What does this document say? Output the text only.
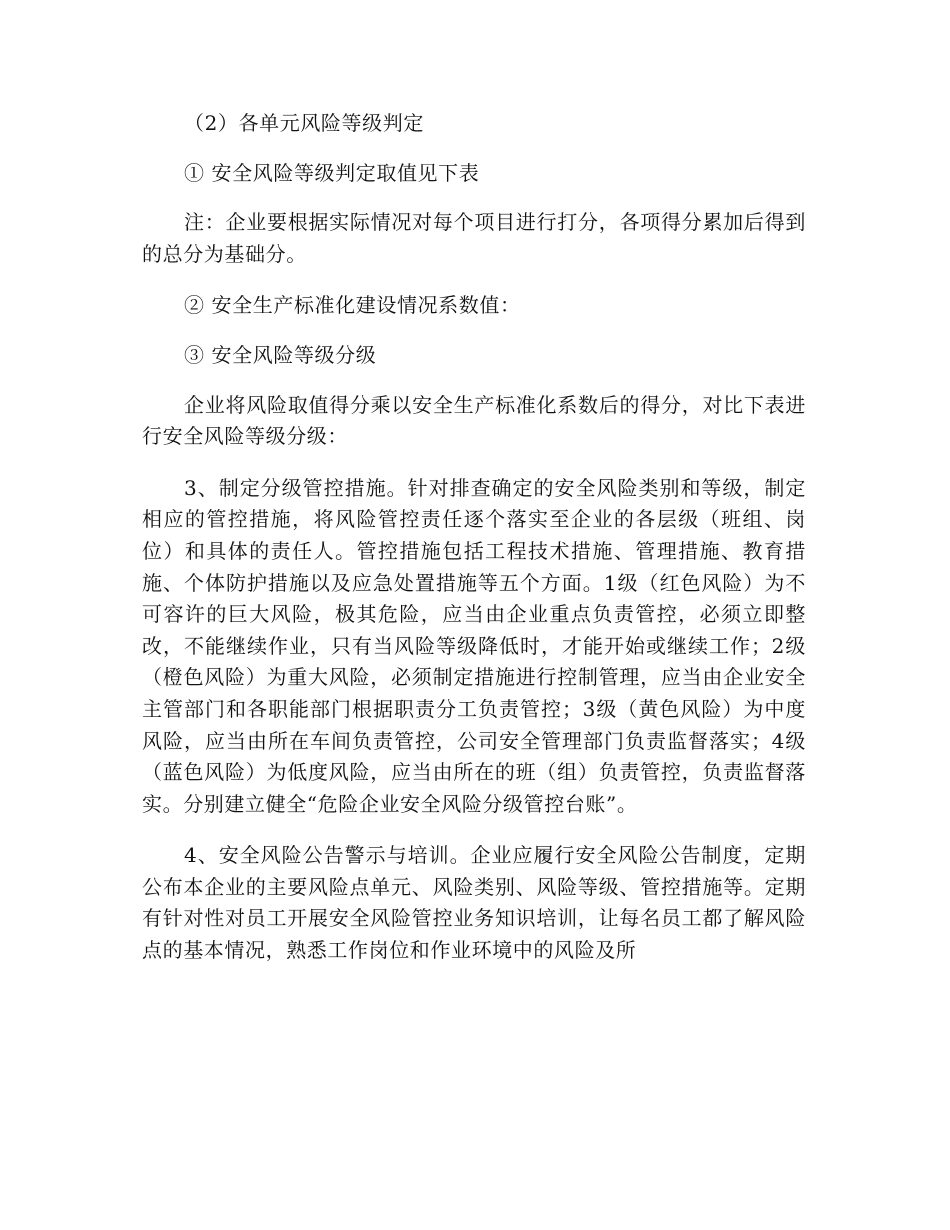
（2）各单元风险等级判定

① 安全风险等级判定取值见下表

注：企业要根据实际情况对每个项目进行打分，各项得分累加后得到的总分为基础分。

② 安全生产标准化建设情况系数值：

③ 安全风险等级分级

企业将风险取值得分乘以安全生产标准化系数后的得分，对比下表进行安全风险等级分级：

3、制定分级管控措施。针对排查确定的安全风险类别和等级，制定相应的管控措施，将风险管控责任逐个落实至企业的各层级（班组、岗位）和具体的责任人。管控措施包括工程技术措施、管理措施、教育措施、个体防护措施以及应急处置措施等五个方面。1级（红色风险）为不可容许的巨大风险，极其危险，应当由企业重点负责管控，必须立即整改，不能继续作业，只有当风险等级降低时，才能开始或继续工作；2级（橙色风险）为重大风险，必须制定措施进行控制管理，应当由企业安全主管部门和各职能部门根据职责分工负责管控；3级（黄色风险）为中度风险，应当由所在车间负责管控，公司安全管理部门负责监督落实；4级（蓝色风险）为低度风险，应当由所在的班（组）负责管控，负责监督落实。分别建立健全“危险企业安全风险分级管控台账”。

4、安全风险公告警示与培训。企业应履行安全风险公告制度，定期公布本企业的主要风险点单元、风险类别、风险等级、管控措施等。定期有针对性对员工开展安全风险管控业务知识培训，让每名员工都了解风险点的基本情况，熟悉工作岗位和作业环境中的风险及所
